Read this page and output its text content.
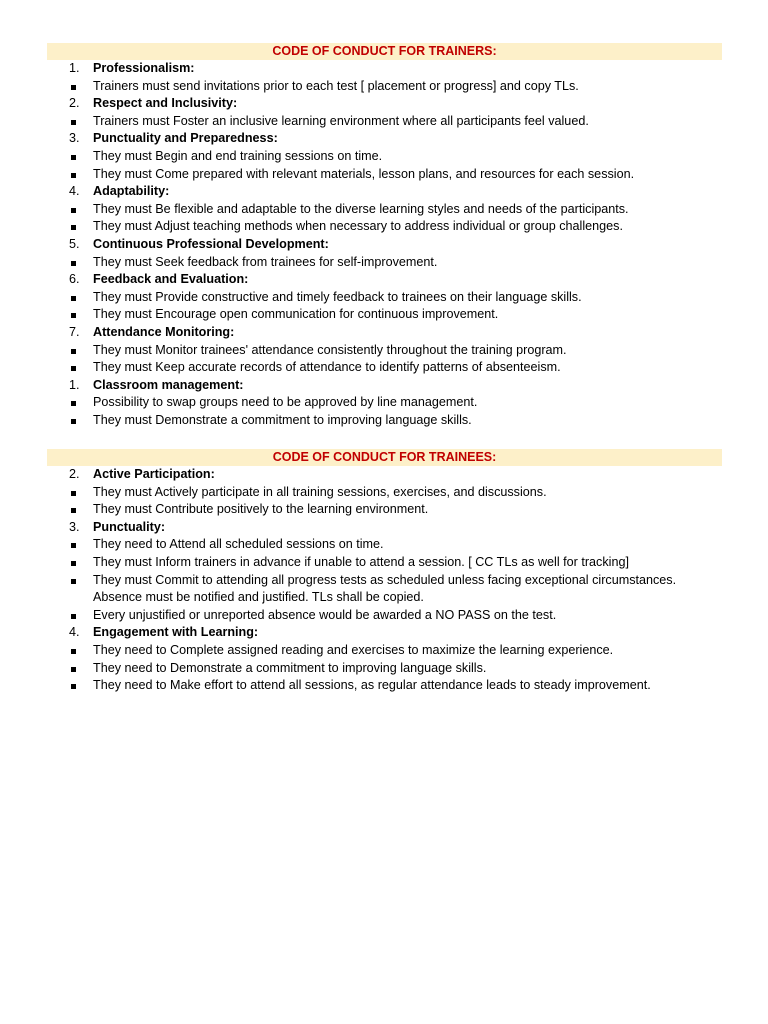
CODE OF CONDUCT FOR TRAINERS:
1.	Professionalism:
Trainers must send invitations prior to each test [ placement or progress] and copy TLs.
2.	Respect and Inclusivity:
Trainers must Foster an inclusive learning environment where all participants feel valued.
3.	Punctuality and Preparedness:
They must Begin and end training sessions on time.
They must Come prepared with relevant materials, lesson plans, and resources for each session.
4.	Adaptability:
They must Be flexible and adaptable to the diverse learning styles and needs of the participants.
They must Adjust teaching methods when necessary to address individual or group challenges.
5.	Continuous Professional Development:
They must Seek feedback from trainees for self-improvement.
6.	Feedback and Evaluation:
They must Provide constructive and timely feedback to trainees on their language skills.
They must Encourage open communication for continuous improvement.
7.	Attendance Monitoring:
They must Monitor trainees' attendance consistently throughout the training program.
They must Keep accurate records of attendance to identify patterns of absenteeism.
1.	Classroom management:
Possibility to swap groups need to be approved by line management.
They must Demonstrate a commitment to improving language skills.
CODE OF CONDUCT FOR TRAINEES:
2.	Active Participation:
They must Actively participate in all training sessions, exercises, and discussions.
They must Contribute positively to the learning environment.
3.	Punctuality:
They need to Attend all scheduled sessions on time.
They must Inform trainers in advance if unable to attend a session. [ CC TLs as well for tracking]
They must Commit to attending all progress tests as scheduled unless facing exceptional circumstances. Absence must be notified and justified. TLs shall be copied.
Every unjustified or unreported absence would be awarded a NO PASS on the test.
4.	Engagement with Learning:
They need to Complete assigned reading and exercises to maximize the learning experience.
They need to Demonstrate a commitment to improving language skills.
They need to Make effort to attend all sessions, as regular attendance leads to steady improvement.
